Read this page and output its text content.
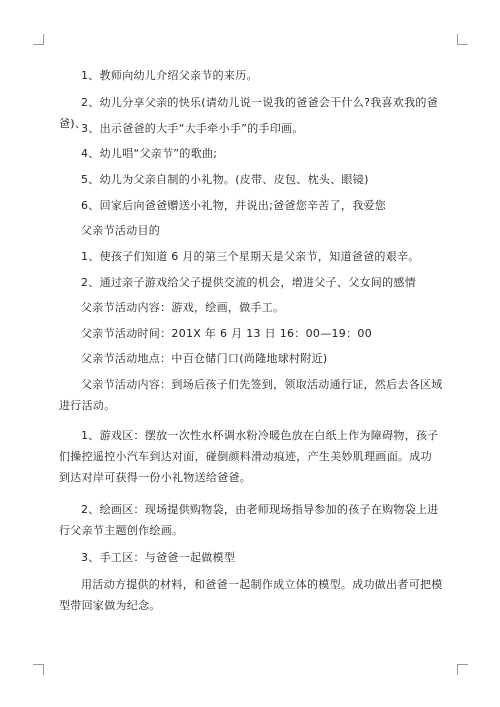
1、教师向幼儿介绍父亲节的来历。

2、幼儿分享父亲的快乐(请幼儿说一说我的爸爸会干什么?我喜欢我的爸爸)、

3、出示爸爸的大手“大手牵小手”的手印画。

4、幼儿唱“父亲节”的歌曲;

5、幼儿为父亲自制的小礼物。(皮带、皮包、枕头、眼镜)

6、回家后向爸爸赠送小礼物，并说出;爸爸您辛苦了，我爱您

父亲节活动目的

1、使孩子们知道 6 月的第三个星期天是父亲节，知道爸爸的艰辛。

2、通过亲子游戏给父子提供交流的机会，增进父子、父女间的感情

父亲节活动内容：游戏，绘画，做手工。

父亲节活动时间：201X 年 6 月 13 日 16：00—19：00

父亲节活动地点：中百仓储门口(尚隆地球村附近)

父亲节活动内容：到场后孩子们先签到，领取活动通行证，然后去各区域进行活动。

1、游戏区：摆放一次性水杯调水粉冷暖色放在白纸上作为障碍物，孩子们操控遥控小汽车到达对面，碰倒颜料滑动痕迹，产生美妙肌理画面。成功到达对岸可获得一份小礼物送给爸爸。

2、绘画区：现场提供购物袋，由老师现场指导参加的孩子在购物袋上进行父亲节主题创作绘画。

3、手工区：与爸爸一起做模型

用活动方提供的材料，和爸爸一起制作成立体的模型。成功做出者可把模型带回家做为纪念。
